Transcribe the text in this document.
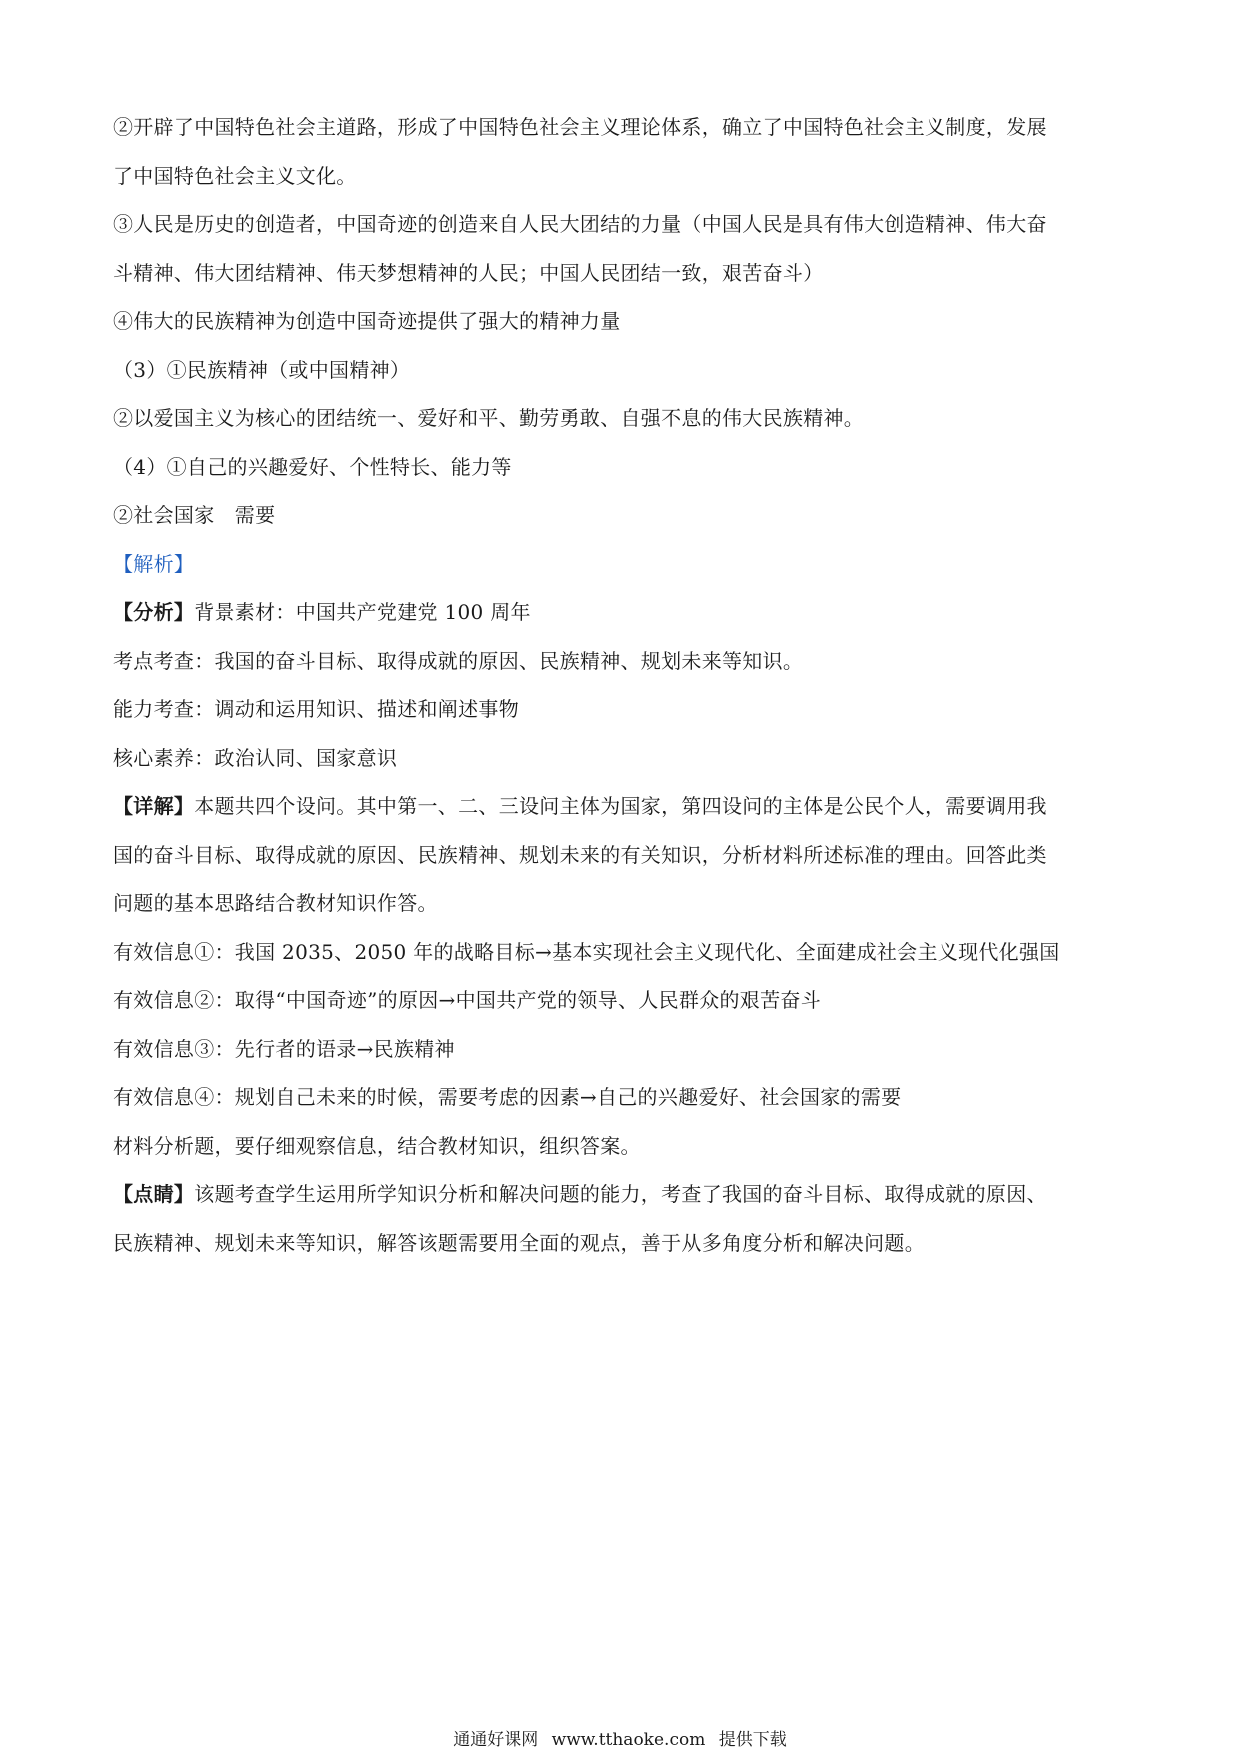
②开辟了中国特色社会主道路，形成了中国特色社会主义理论体系，确立了中国特色社会主义制度，发展
了中国特色社会主义文化。
③人民是历史的创造者，中国奇迹的创造来自人民大团结的力量（中国人民是具有伟大创造精神、伟大奋
斗精神、伟大团结精神、伟天梦想精神的人民；中国人民团结一致，艰苦奋斗）
④伟大的民族精神为创造中国奇迹提供了强大的精神力量
（3）①民族精神（或中国精神）
②以爱国主义为核心的团结统一、爱好和平、勤劳勇敢、自强不息的伟大民族精神。
（4）①自己的兴趣爱好、个性特长、能力等
②社会国家　需要
【解析】
【分析】背景素材：中国共产党建党 100 周年
考点考查：我国的奋斗目标、取得成就的原因、民族精神、规划未来等知识。
能力考查：调动和运用知识、描述和阐述事物
核心素养：政治认同、国家意识
【详解】本题共四个设问。其中第一、二、三设问主体为国家，第四设问的主体是公民个人，需要调用我
国的奋斗目标、取得成就的原因、民族精神、规划未来的有关知识，分析材料所述标准的理由。回答此类
问题的基本思路结合教材知识作答。
有效信息①：我国 2035、2050 年的战略目标→基本实现社会主义现代化、全面建成社会主义现代化强国
有效信息②：取得“中国奇迹”的原因→中国共产党的领导、人民群众的艰苦奋斗
有效信息③：先行者的语录→民族精神
有效信息④：规划自己未来的时候，需要考虑的因素→自己的兴趣爱好、社会国家的需要
材料分析题，要仔细观察信息，结合教材知识，组织答案。
【点睛】该题考查学生运用所学知识分析和解决问题的能力，考查了我国的奋斗目标、取得成就的原因、
民族精神、规划未来等知识，解答该题需要用全面的观点，善于从多角度分析和解决问题。
通通好课网 www.tthaoke.com 提供下载
